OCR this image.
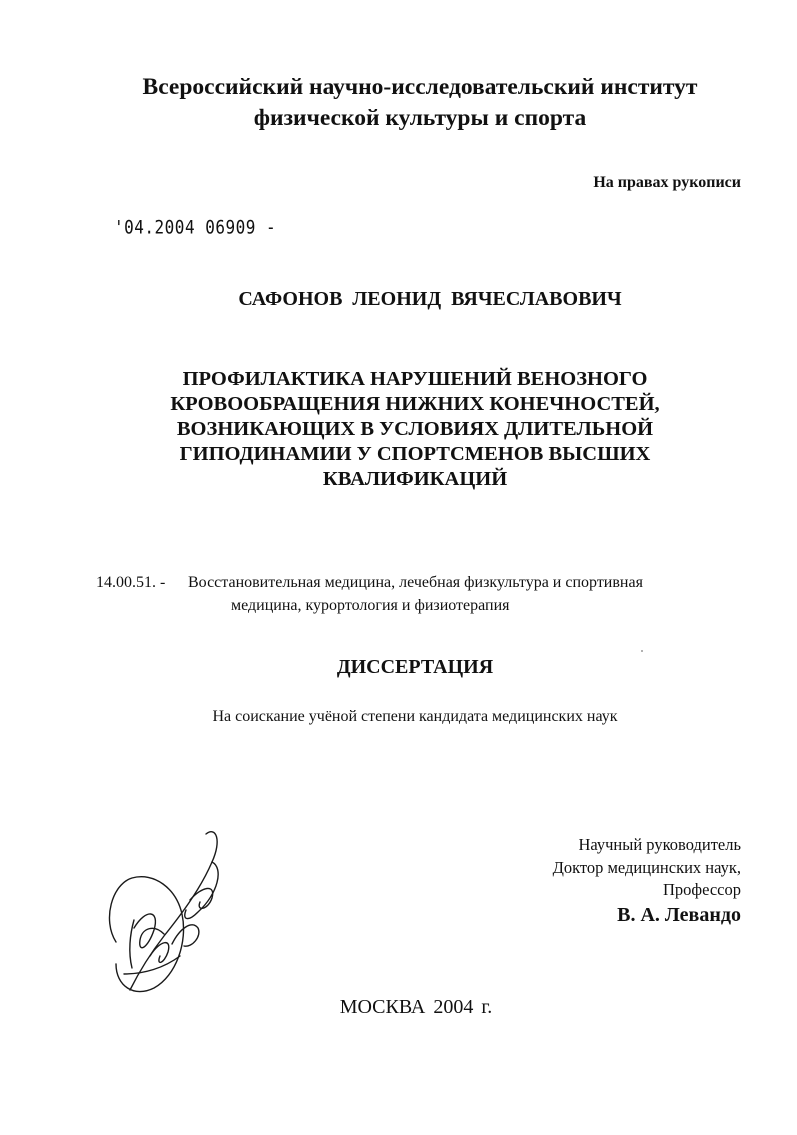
Всероссийский научно-исследовательский институт
физической культуры и спорта
На правах рукописи
'04.2004 06909 -
САФОНОВ ЛЕОНИД ВЯЧЕСЛАВОВИЧ
ПРОФИЛАКТИКА НАРУШЕНИЙ ВЕНОЗНОГО
КРОВООБРАЩЕНИЯ НИЖНИХ КОНЕЧНОСТЕЙ,
ВОЗНИКАЮЩИХ В УСЛОВИЯХ ДЛИТЕЛЬНОЙ
ГИПОДИНАМИИ У СПОРТСМЕНОВ ВЫСШИХ
КВАЛИФИКАЦИЙ
14.00.51. - Восстановительная медицина, лечебная физкультура и спортивная
медицина, курортология и физиотерапия
ДИССЕРТАЦИЯ
На соискание учёной степени кандидата медицинских наук
Научный руководитель
Доктор медицинских наук,
Профессор
В. А. Левандо
МОСКВА 2004 г.
